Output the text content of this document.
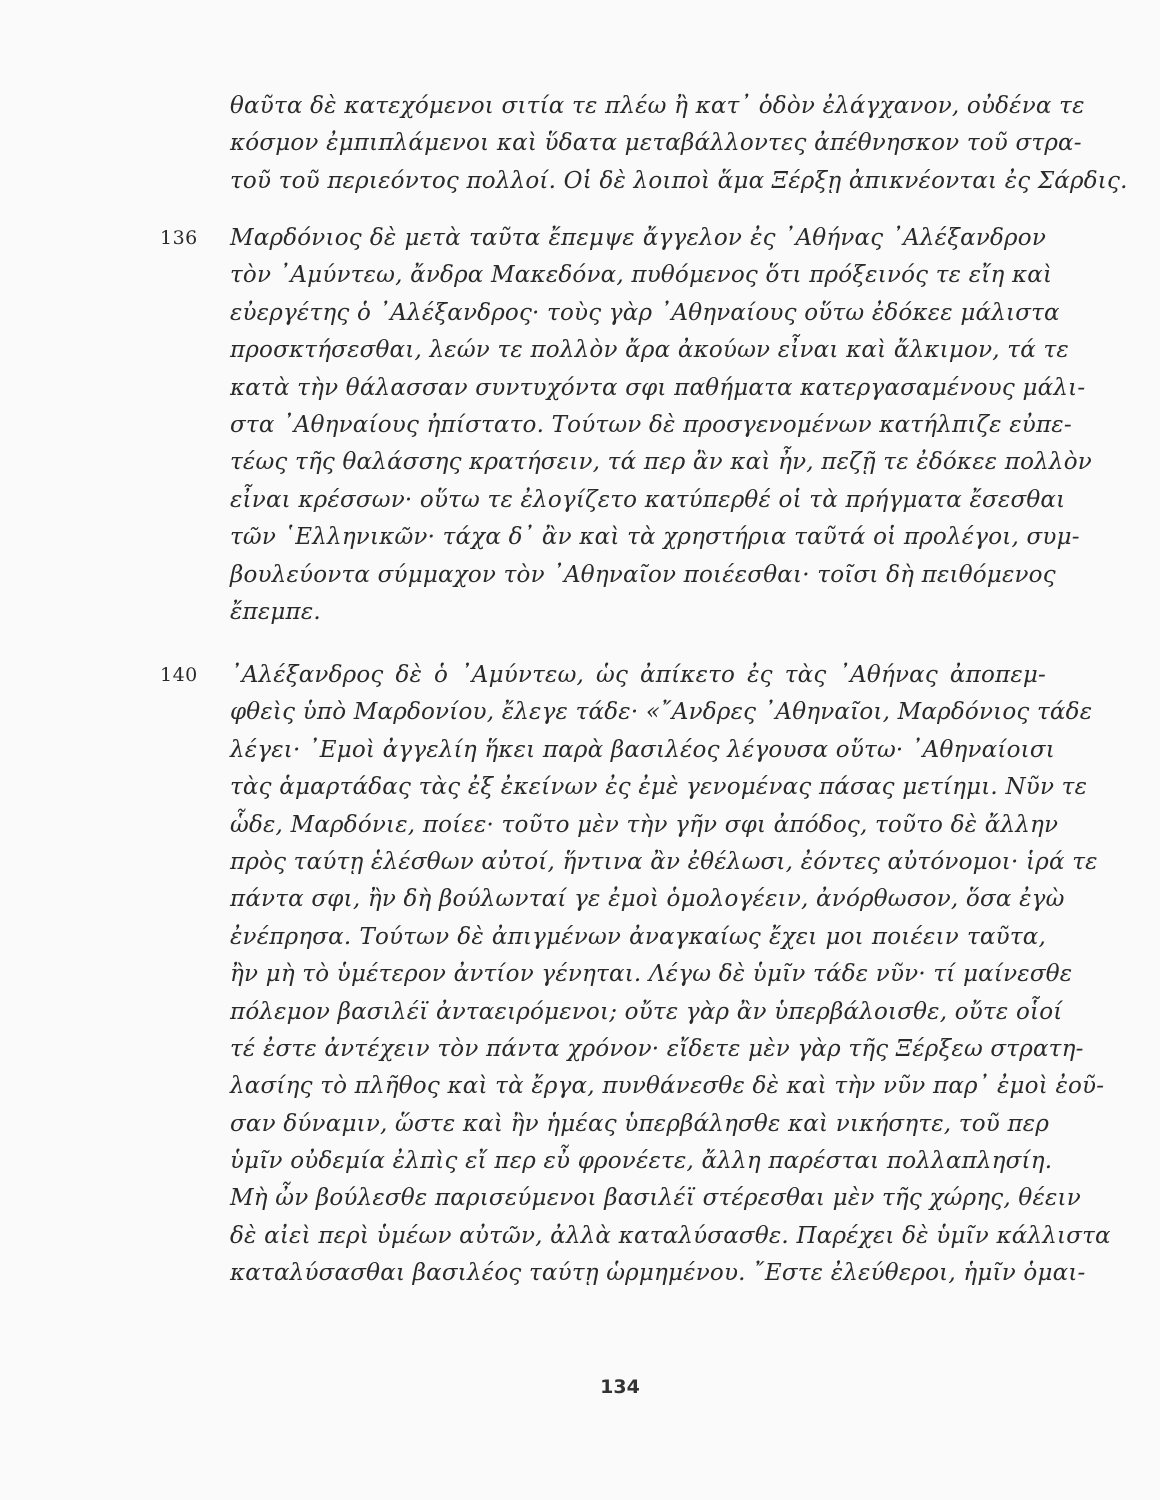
θαῦτα δὲ κατεχόμενοι σιτία τε πλέω ἢ κατ᾽ ὁδὸν ἐλάγχανον, οὐδένα τε
κόσμον ἐμπιπλάμενοι καὶ ὕδατα μεταβάλλοντες ἀπέθνησκον τοῦ στρα-
τοῦ τοῦ περιεόντος πολλοί. Οἱ δὲ λοιποὶ ἅμα Ξέρξῃ ἀπικνέονται ἐς Σάρδις.
136 Μαρδόνιος δὲ μετὰ ταῦτα ἔπεμψε ἄγγελον ἐς ᾿Αθήνας ᾿Αλέξανδρον
τὸν ᾿Αμύντεω, ἄνδρα Μακεδόνα, πυθόμενος ὅτι πρόξεινός τε εἴη καὶ
εὐεργέτης ὁ ᾿Αλέξανδρος· τοὺς γὰρ ᾿Αθηναίους οὕτω ἐδόκεε μάλιστα
προσκτήσεσθαι, λεών τε πολλὸν ἄρα ἀκούων εἶναι καὶ ἄλκιμον, τά τε
κατὰ τὴν θάλασσαν συντυχόντα σφι παθήματα κατεργασαμένους μάλι-
στα ᾿Αθηναίους ἠπίστατο. Τούτων δὲ προσγενομένων κατήλπιζε εὐπε-
τέως τῆς θαλάσσης κρατήσειν, τά περ ἂν καὶ ἦν, πεζῇ τε ἐδόκεε πολλὸν
εἶναι κρέσσων· οὕτω τε ἐλογίζετο κατύπερθέ οἱ τὰ πρήγματα ἔσεσθαι
τῶν ῾Ελληνικῶν· τάχα δ᾽ ἂν καὶ τὰ χρηστήρια ταῦτά οἱ προλέγοι, συμ-
βουλεύοντα σύμμαχον τὸν ᾿Αθηναῖον ποιέεσθαι· τοῖσι δὴ πειθόμενος
ἔπεμπε.
140 ᾿Αλέξανδρος δὲ ὁ ᾿Αμύντεω, ὡς ἀπίκετο ἐς τὰς ᾿Αθήνας ἀποπεμ-
φθεὶς ὑπὸ Μαρδονίου, ἔλεγε τάδε· «῎Ανδρες ᾿Αθηναῖοι, Μαρδόνιος τάδε
λέγει· ᾿Εμοὶ ἀγγελίη ἥκει παρὰ βασιλέος λέγουσα οὕτω· ᾿Αθηναίοισι
τὰς ἁμαρτάδας τὰς ἐξ ἐκείνων ἐς ἐμὲ γενομένας πάσας μετίημι. Νῦν τε
ὧδε, Μαρδόνιε, ποίεε· τοῦτο μὲν τὴν γῆν σφι ἀπόδος, τοῦτο δὲ ἄλλην
πρὸς ταύτῃ ἑλέσθων αὐτοί, ἥντινα ἂν ἐθέλωσι, ἐόντες αὐτόνομοι· ἱρά τε
πάντα σφι, ἢν δὴ βούλωνταί γε ἐμοὶ ὁμολογέειν, ἀνόρθωσον, ὅσα ἐγὼ
ἐνέπρησα. Τούτων δὲ ἀπιγμένων ἀναγκαίως ἔχει μοι ποιέειν ταῦτα,
ἢν μὴ τὸ ὑμέτερον ἀντίον γένηται. Λέγω δὲ ὑμῖν τάδε νῦν· τί μαίνεσθε
πόλεμον βασιλέϊ ἀνταειρόμενοι; οὔτε γὰρ ἂν ὑπερβάλοισθε, οὔτε οἷοί
τέ ἐστε ἀντέχειν τὸν πάντα χρόνον· εἴδετε μὲν γὰρ τῆς Ξέρξεω στρατη-
λασίης τὸ πλῆθος καὶ τὰ ἔργα, πυνθάνεσθε δὲ καὶ τὴν νῦν παρ᾽ ἐμοὶ ἐοῦ-
σαν δύναμιν, ὥστε καὶ ἢν ἡμέας ὑπερβάλησθε καὶ νικήσητε, τοῦ περ
ὑμῖν οὐδεμία ἐλπὶς εἴ περ εὖ φρονέετε, ἄλλη παρέσται πολλαπλησίη.
Μὴ ὦν βούλεσθε παρισεύμενοι βασιλέϊ στέρεσθαι μὲν τῆς χώρης, θέειν
δὲ αἰεὶ περὶ ὑμέων αὐτῶν, ἀλλὰ καταλύσασθε. Παρέχει δὲ ὑμῖν κάλλιστα
καταλύσασθαι βασιλέος ταύτῃ ὡρμημένου. ῎Εστε ἐλεύθεροι, ἡμῖν ὁμαι-
134
